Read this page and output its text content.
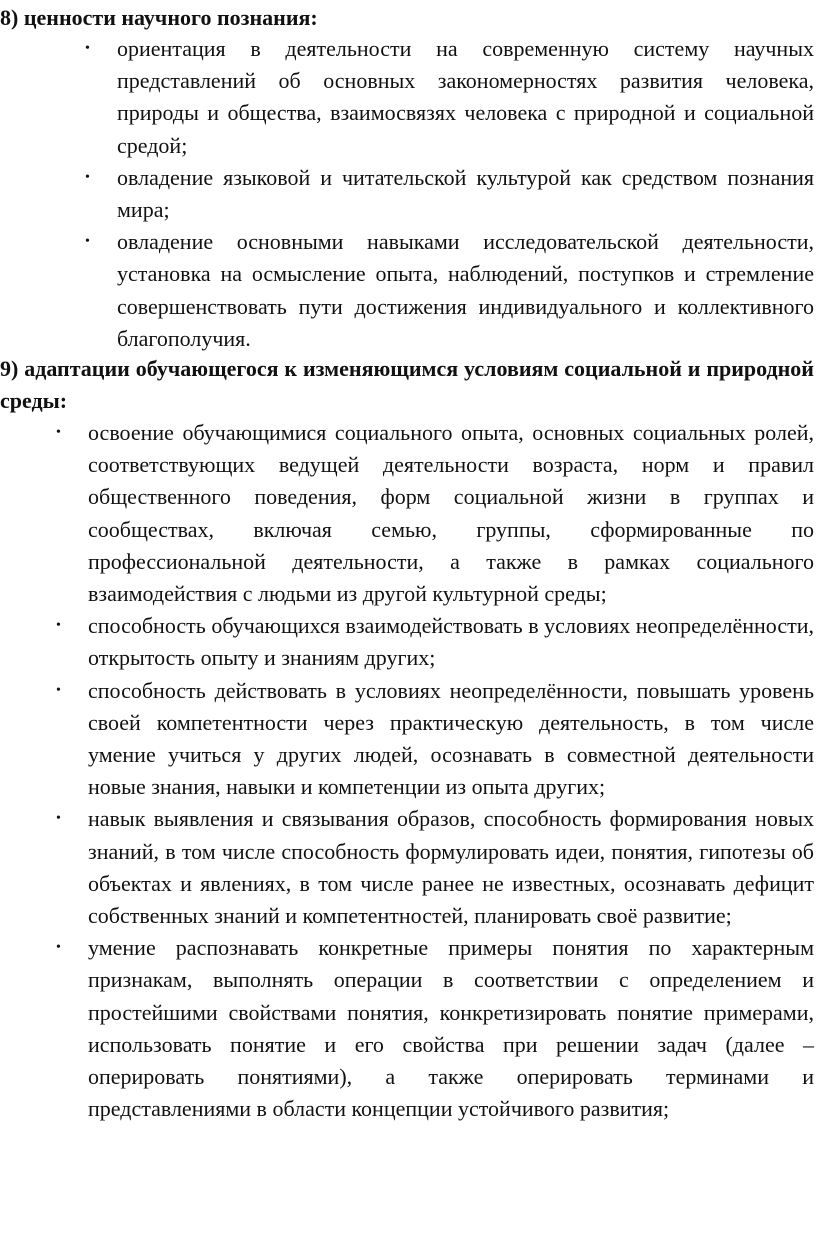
8) ценности научного познания:

• ориентация в деятельности на современную систему научных представлений об основных закономерностях развития человека, природы и общества, взаимосвязях человека с природной и социальной средой;
• овладение языковой и читательской культурой как средством познания мира;
• овладение основными навыками исследовательской деятельности, установка на осмысление опыта, наблюдений, поступков и стремление совершенствовать пути достижения индивидуального и коллективного благополучия.

9) адаптации обучающегося к изменяющимся условиям социальной и природной среды:

• освоение обучающимися социального опыта, основных социальных ролей, соответствующих ведущей деятельности возраста, норм и правил общественного поведения, форм социальной жизни в группах и сообществах, включая семью, группы, сформированные по профессиональной деятельности, а также в рамках социального взаимодействия с людьми из другой культурной среды;
• способность обучающихся взаимодействовать в условиях неопределённости, открытость опыту и знаниям других;
• способность действовать в условиях неопределённости, повышать уровень своей компетентности через практическую деятельность, в том числе умение учиться у других людей, осознавать в совместной деятельности новые знания, навыки и компетенции из опыта других;
• навык выявления и связывания образов, способность формирования новых знаний, в том числе способность формулировать идеи, понятия, гипотезы об объектах и явлениях, в том числе ранее не известных, осознавать дефицит собственных знаний и компетентностей, планировать своё развитие;
• умение распознавать конкретные примеры понятия по характерным признакам, выполнять операции в соответствии с определением и простейшими свойствами понятия, конкретизировать понятие примерами, использовать понятие и его свойства при решении задач (далее – оперировать понятиями), а также оперировать терминами и представлениями в области концепции устойчивого развития;
